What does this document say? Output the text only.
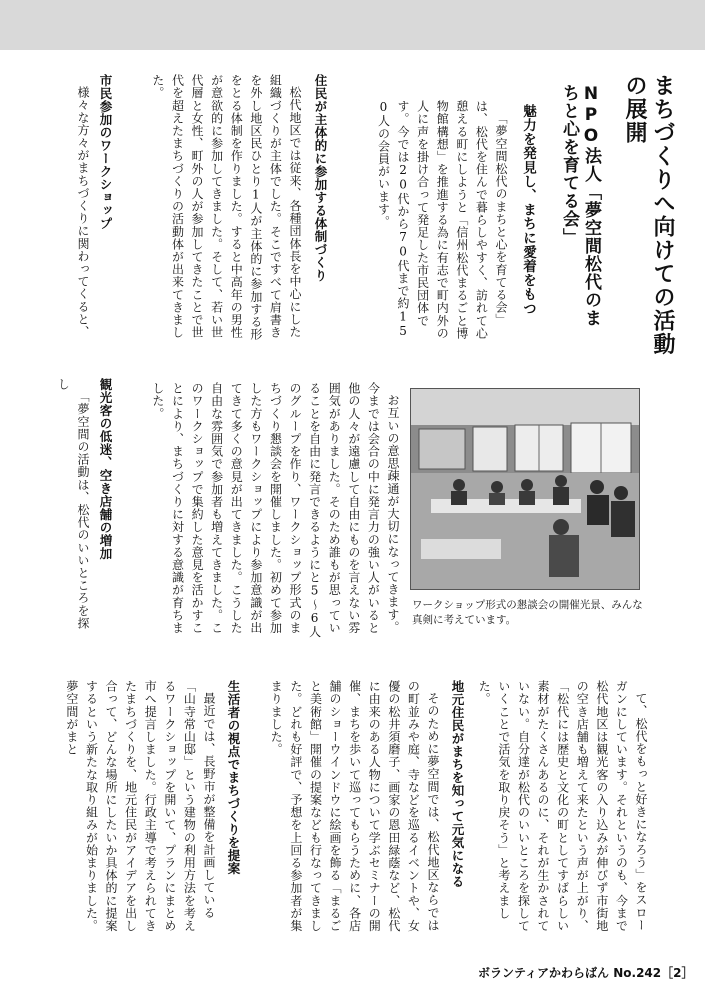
まちづくりへ向けての活動の展開
NPO法人「夢空間松代のまちと心を育てる会」
魅力を発見し、まちに愛着をもつ

「夢空間松代のまちと心を育てる会」は、松代を住んで暮らしやすく、訪れて心憩える町にしようと「信州松代まるごと博物館構想」を推進する為に有志で町内外の人に声を掛け合って発足した市民団体です。今では20代から70代まで約150人の会員がいます。

住民が主体的に参加する体制づくり

松代地区では従来、各種団体長を中心にした組織づくりが主体でした。そこですべて肩書きを外し地区民ひとり1人が主体的に参加する形をとる体制を作りました。すると中高年の男性が意欲的に参加してきました。そして、若い世代層と女性、町外の人が参加してきたことで世代を超えたまちづくりの活動体が出来てきました。

市民参加のワークショップ

様々な方々がまちづくりに関わってくると、

お互いの意思疎通が大切になってきます。今までは会合の中に発言力の強い人がいると他の人々が遠慮して自由にものを言えない雰囲気がありました。そのため誰もが思っていることを自由に発言できるようにと5〜6人のグループを作り、ワークショップ形式のまちづくり懇談会を開催しました。初めて参加した方もワークショップにより参加意識が出てきて多くの意見が出てきました。こうした自由な雰囲気で参加者も増えてきました。このワークショップで集約した意見を活かすことにより、まちづくりに対する意識が育ちました。

観光客の低迷、空き店舗の増加

「夢空間の活動は、松代のいいところを探し

ワークショップ形式の懇談会の開催光景、みんな真剣に考えています。

て、松代をもっと好きになろう」をスローガンにしています。それというのも、今まで松代地区は観光客の入り込みが伸びず市街地の空き店舗も増えて来たという声が上がり、「松代には歴史と文化の町としてすばらしい素材がたくさんあるのに、それが生かされていない。自分達が松代のいいところを探していくことで活気を取り戻そう」と考えました。

地元住民がまちを知って元気になる

そのために夢空間では、松代地区ならではの町並みや庭、寺などを巡るイベントや、女優の松井須磨子、画家の恩田緑蔭など、松代に由来のある人物について学ぶセミナーの開催、まちを歩いて巡ってもらうために、各店舗のショーウインドウに絵画を飾る「まるごと美術館」開催の提案なども行なってきました。どれも好評で、予想を上回る参加者が集まりました。

生活者の視点でまちづくりを提案

最近では、長野市が整備を計画している「山寺常山邸」という建物の利用方法を考えるワークショップを開いて、プランにまとめ市へ提言しました。行政主導で考えられてきたまちづくりを、地元住民がアイデアを出し合って、どんな場所にしたいか具体的に提案するという新たな取り組みが始まりました。夢空間がまと

ボランティアかわらばん No.242［2］
